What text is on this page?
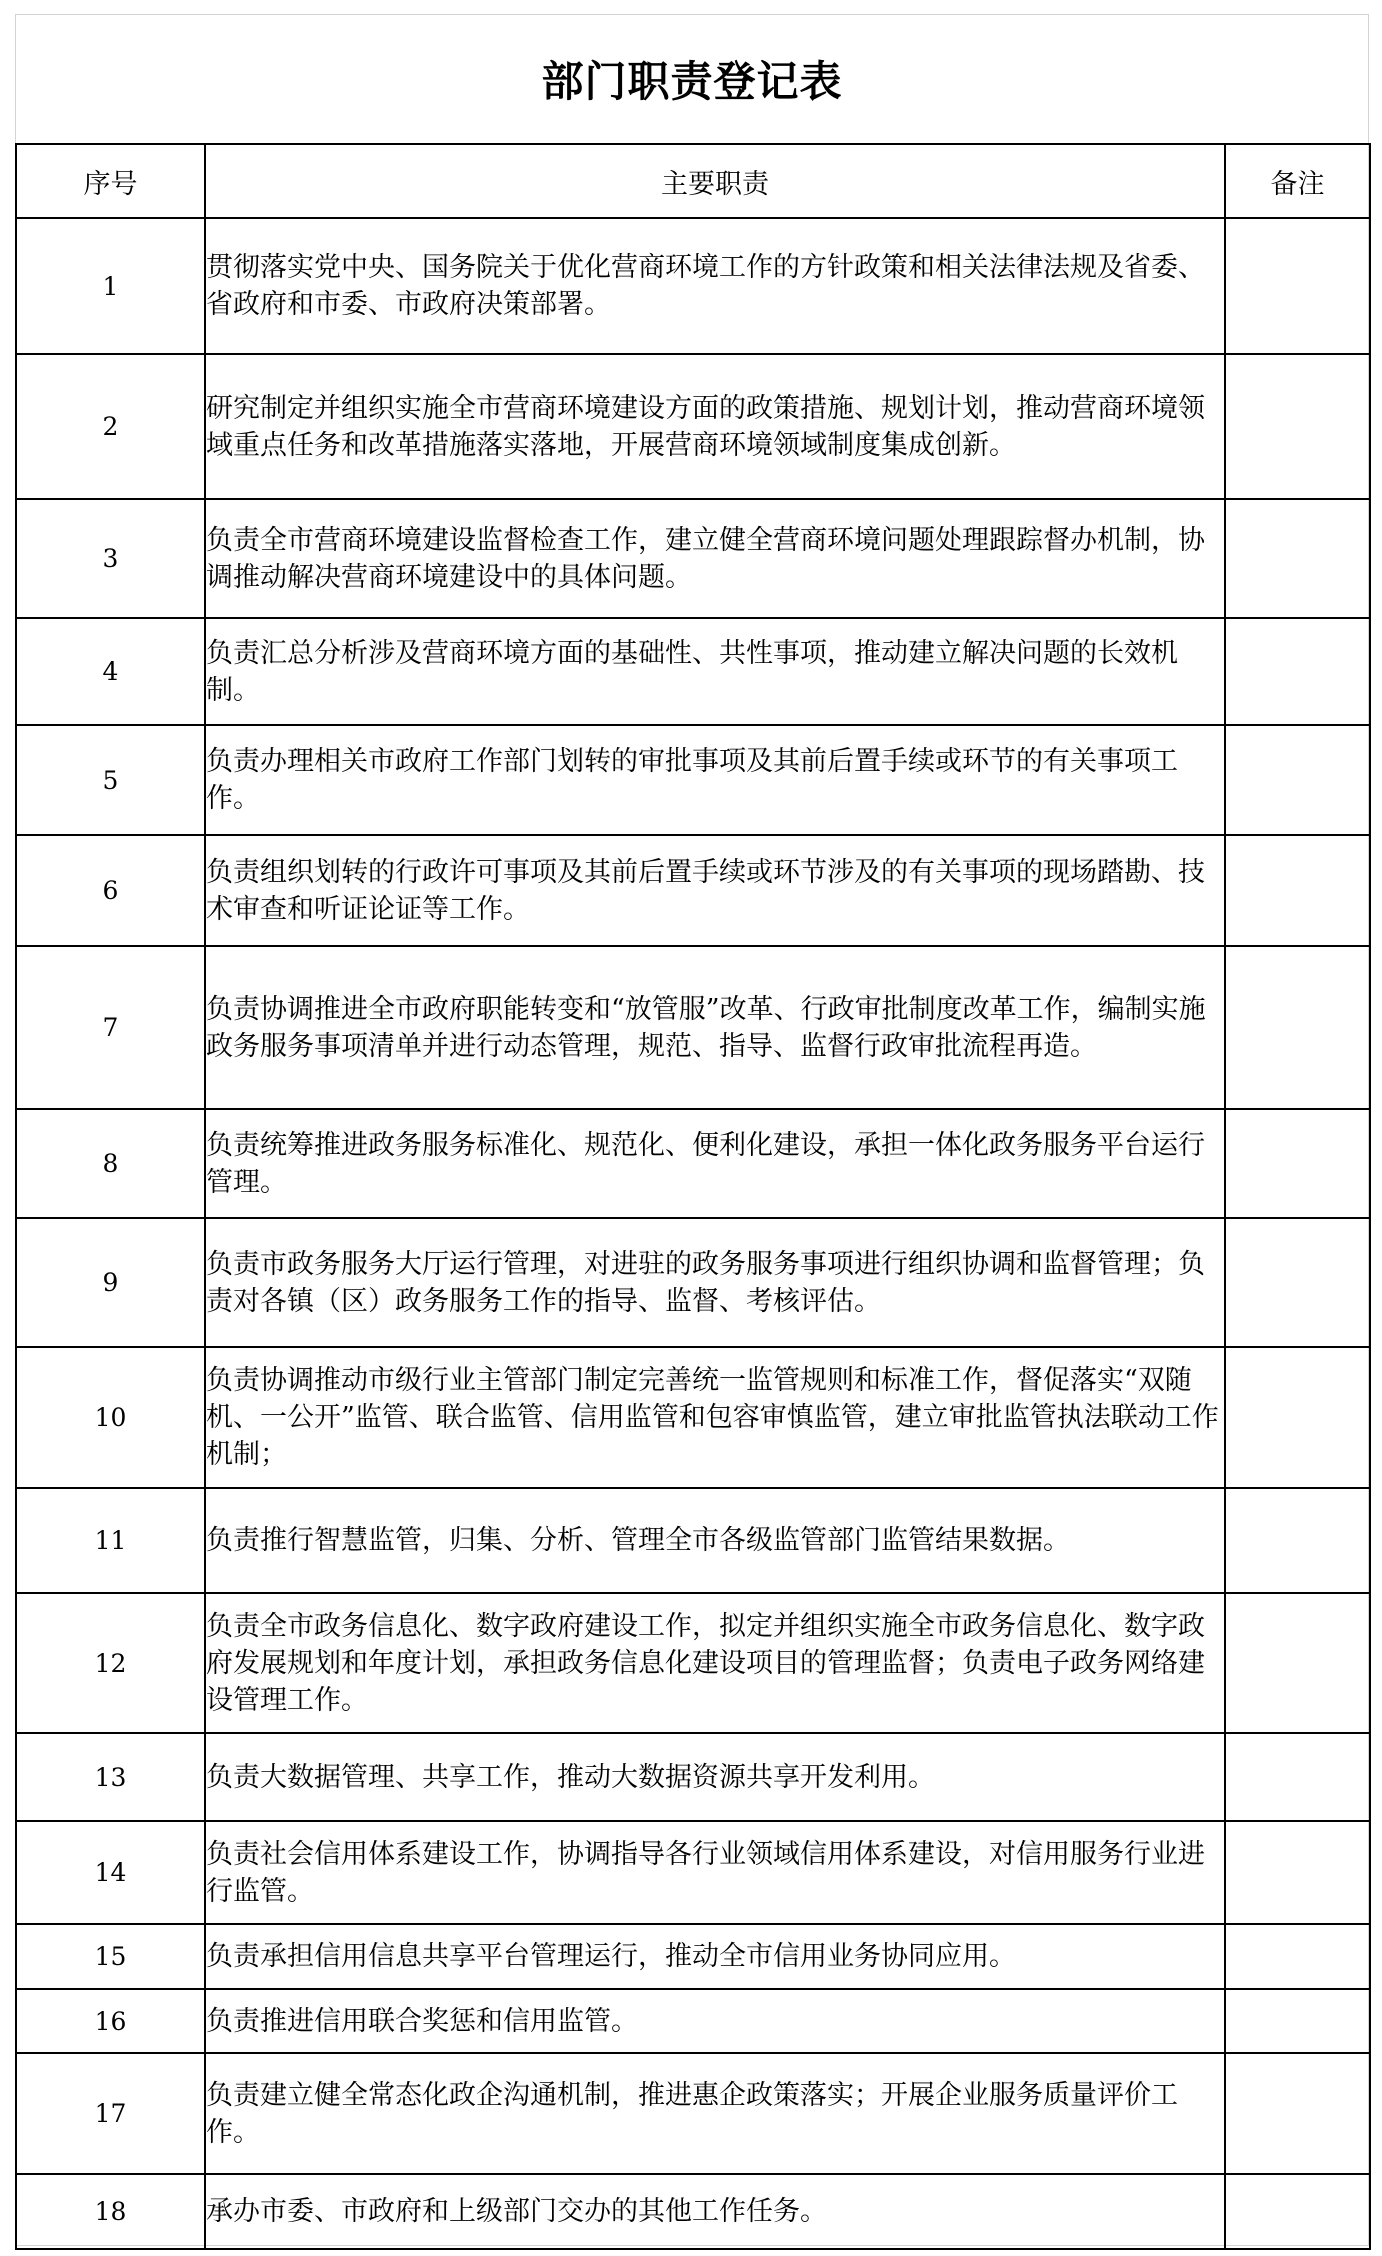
部门职责登记表
序号	主要职责	备注
1	贯彻落实党中央、国务院关于优化营商环境工作的方针政策和相关法律法规及省委、省政府和市委、市政府决策部署。	
2	研究制定并组织实施全市营商环境建设方面的政策措施、规划计划，推动营商环境领域重点任务和改革措施落实落地，开展营商环境领域制度集成创新。	
3	负责全市营商环境建设监督检查工作，建立健全营商环境问题处理跟踪督办机制，协调推动解决营商环境建设中的具体问题。	
4	负责汇总分析涉及营商环境方面的基础性、共性事项，推动建立解决问题的长效机制。	
5	负责办理相关市政府工作部门划转的审批事项及其前后置手续或环节的有关事项工作。	
6	负责组织划转的行政许可事项及其前后置手续或环节涉及的有关事项的现场踏勘、技术审查和听证论证等工作。	
7	负责协调推进全市政府职能转变和“放管服”改革、行政审批制度改革工作，编制实施政务服务事项清单并进行动态管理，规范、指导、监督行政审批流程再造。	
8	负责统筹推进政务服务标准化、规范化、便利化建设，承担一体化政务服务平台运行管理。	
9	负责市政务服务大厅运行管理，对进驻的政务服务事项进行组织协调和监督管理；负责对各镇（区）政务服务工作的指导、监督、考核评估。	
10	负责协调推动市级行业主管部门制定完善统一监管规则和标准工作，督促落实“双随机、一公开”监管、联合监管、信用监管和包容审慎监管，建立审批监管执法联动工作机制；	
11	负责推行智慧监管，归集、分析、管理全市各级监管部门监管结果数据。	
12	负责全市政务信息化、数字政府建设工作，拟定并组织实施全市政务信息化、数字政府发展规划和年度计划，承担政务信息化建设项目的管理监督；负责电子政务网络建设管理工作。	
13	负责大数据管理、共享工作，推动大数据资源共享开发利用。	
14	负责社会信用体系建设工作，协调指导各行业领域信用体系建设，对信用服务行业进行监管。	
15	负责承担信用信息共享平台管理运行，推动全市信用业务协同应用。	
16	负责推进信用联合奖惩和信用监管。	
17	负责建立健全常态化政企沟通机制，推进惠企政策落实；开展企业服务质量评价工作。	
18	承办市委、市政府和上级部门交办的其他工作任务。	
